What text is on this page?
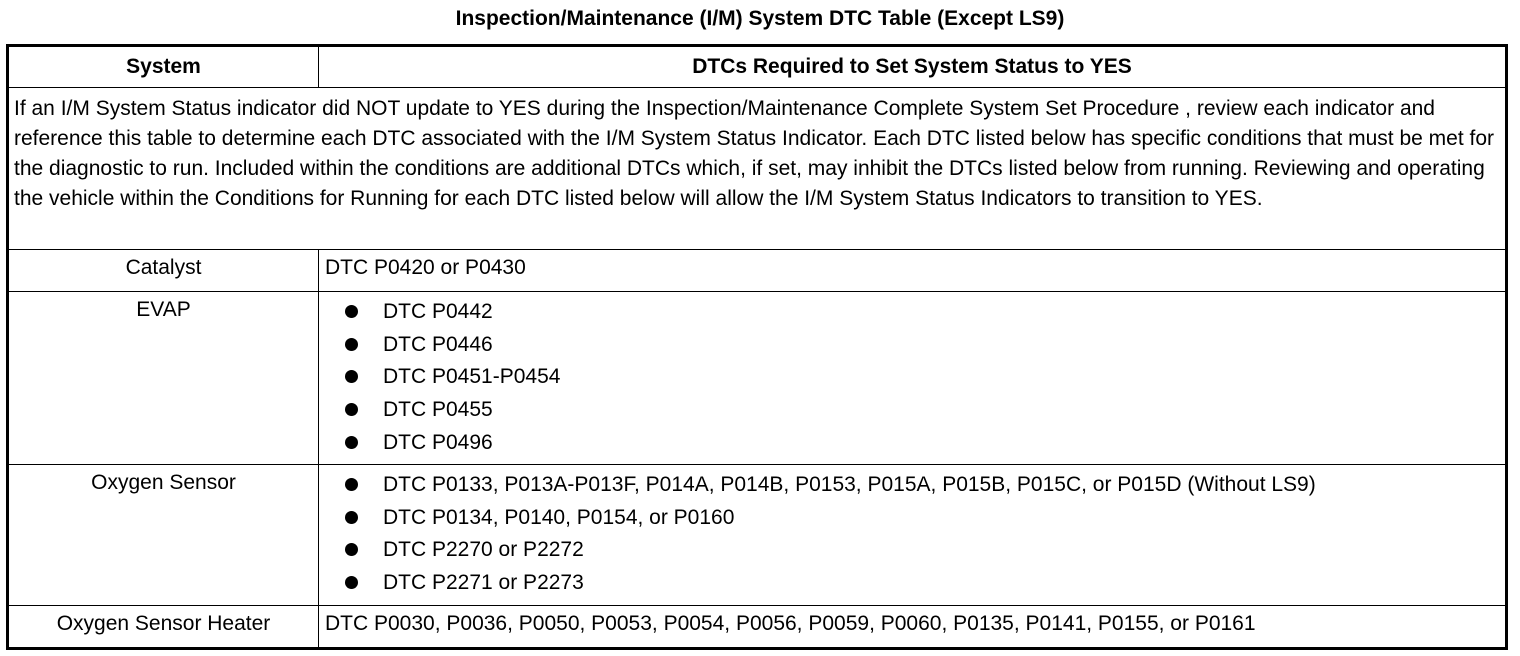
Inspection/Maintenance (I/M) System DTC Table (Except LS9)
System	DTCs Required to Set System Status to YES
If an I/M System Status indicator did NOT update to YES during the Inspection/Maintenance Complete System Set Procedure , review each indicator and reference this table to determine each DTC associated with the I/M System Status Indicator. Each DTC listed below has specific conditions that must be met for the diagnostic to run. Included within the conditions are additional DTCs which, if set, may inhibit the DTCs listed below from running. Reviewing and operating the vehicle within the Conditions for Running for each DTC listed below will allow the I/M System Status Indicators to transition to YES.
Catalyst	DTC P0420 or P0430
EVAP	DTC P0442
DTC P0446
DTC P0451-P0454
DTC P0455
DTC P0496
Oxygen Sensor	DTC P0133, P013A-P013F, P014A, P014B, P0153, P015A, P015B, P015C, or P015D (Without LS9)
DTC P0134, P0140, P0154, or P0160
DTC P2270 or P2272
DTC P2271 or P2273
Oxygen Sensor Heater	DTC P0030, P0036, P0050, P0053, P0054, P0056, P0059, P0060, P0135, P0141, P0155, or P0161
